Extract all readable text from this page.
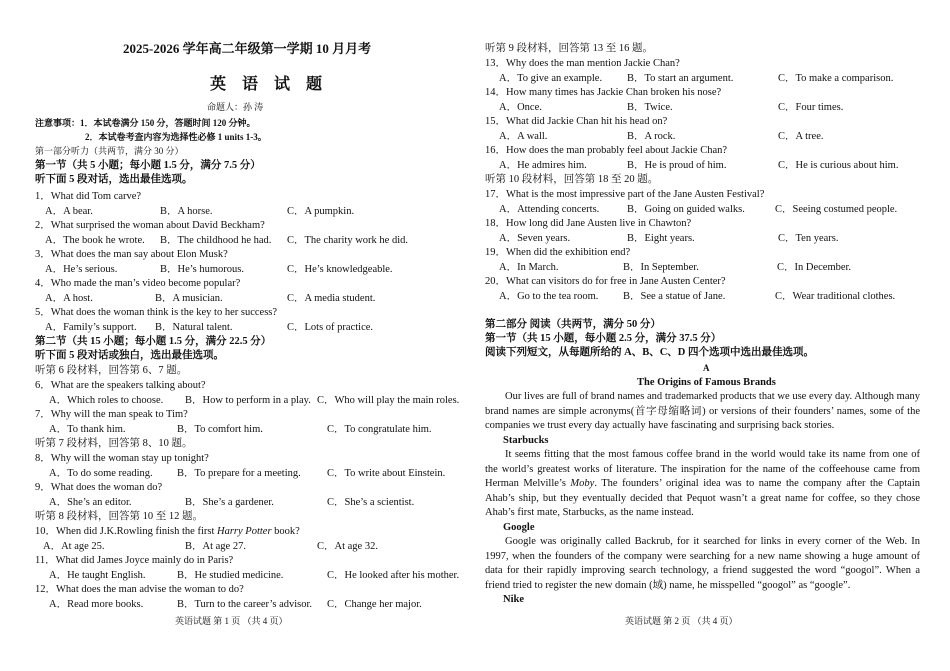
2025-2026 学年高二年级第一学期 10 月月考
英 语 试 题
命题人：孙 涛
注意事项：1．本试卷满分 150 分，答题时间 120 分钟。
2．本试卷考查内容为选择性必修 1 units 1-3。
第一部分听力（共两节，满分 30 分）
第一节（共 5 小题；每小题 1.5 分，满分 7.5 分）
听下面 5 段对话，选出最佳选项。
1．What did Tom carve?
A．A bear.	B．A horse.	C．A pumpkin.
2．What surprised the woman about David Beckham?
A．The book he wrote. B．The childhood he had. C．The charity work he did.
3．What does the man say about Elon Musk?
A．He’s serious.	B．He’s humorous.	C．He’s knowledgeable.
4．Who made the man’s video become popular?
A．A host.	B．A musician.	C．A media student.
5．What does the woman think is the key to her success?
A．Family’s support. B．Natural talent.	C．Lots of practice.
第二节（共 15 小题；每小题 1.5 分，满分 22.5 分）
听下面 5 段对话或独白，选出最佳选项。
听第 6 段材料，回答第 6、7 题。
6．What are the speakers talking about?
A．Which roles to choose. B．How to perform in a play. C．Who will play the main roles.
7．Why will the man speak to Tim?
A．To thank him.	B．To comfort him.	C．To congratulate him.
听第 7 段材料，回答第 8、10 题。
8．Why will the woman stay up tonight?
A．To do some reading. B．To prepare for a meeting. C．To write about Einstein.
9．What does the woman do?
A．She’s an editor.	B．She’s a gardener.	C．She’s a scientist.
听第 8 段材料，回答第 10 至 12 题。
10．When did J.K.Rowling finish the first Harry Potter book?
A．At age 25.	B．At age 27.	C．At age 32.
11．What did James Joyce mainly do in Paris?
A．He taught English.	B．He studied medicine.	C．He looked after his mother.
12．What does the man advise the woman to do?
A．Read more books.	B．Turn to the career’s advisor. C．Change her major.
英语试题 第 1 页 （共 4 页）
听第 9 段材料，回答第 13 至 16 题。
13．Why does the man mention Jackie Chan?
A．To give an example. B．To start an argument.	C．To make a comparison.
14．How many times has Jackie Chan broken his nose?
A．Once.	B．Twice.	C．Four times.
15．What did Jackie Chan hit his head on?
A．A wall.	B．A rock.	C．A tree.
16．How does the man probably feel about Jackie Chan?
A．He admires him.	B．He is proud of him.	C．He is curious about him.
听第 10 段材料，回答第 18 至 20 题。
17．What is the most impressive part of the Jane Austen Festival?
A．Attending concerts.	B．Going on guided walks.	C．Seeing costumed people.
18．How long did Jane Austen live in Chawton?
A．Seven years.	B．Eight years.	C．Ten years.
19．When did the exhibition end?
A．In March.	B．In September.	C．In December.
20．What can visitors do for free in Jane Austen Center?
A．Go to the tea room. B．See a statue of Jane.	C．Wear traditional clothes.
第二部分 阅读（共两节，满分 50 分）
第一节（共 15 小题，每小题 2.5 分，满分 37.5 分）
阅读下列短文，从每题所给的 A、B、C、D 四个选项中选出最佳选项。
A
The Origins of Famous Brands
Our lives are full of brand names and trademarked products that we use every day. Although many brand names are simple acronyms(首字母缩略词) or versions of their founders’ names, some of the companies we trust every day actually have fascinating and surprising back stories.
Starbucks
It seems fitting that the most famous coffee brand in the world would take its name from one of the world’s greatest works of literature. The inspiration for the name of the coffeehouse came from Herman Melville’s Moby. The founders’ original idea was to name the company after the Captain Ahab’s ship, but they eventually decided that Pequot wasn’t a great name for coffee, so they chose Ahab’s first mate, Starbucks, as the name instead.
Google
Google was originally called Backrub, for it searched for links in every corner of the Web. In 1997, when the founders of the company were searching for a new name showing a huge amount of data for their rapidly improving search technology, a friend suggested the word “googol”. When a friend tried to register the new domain (域) name, he misspelled “googol” as “google”.
Nike
英语试题 第 2 页 （共 4 页）
